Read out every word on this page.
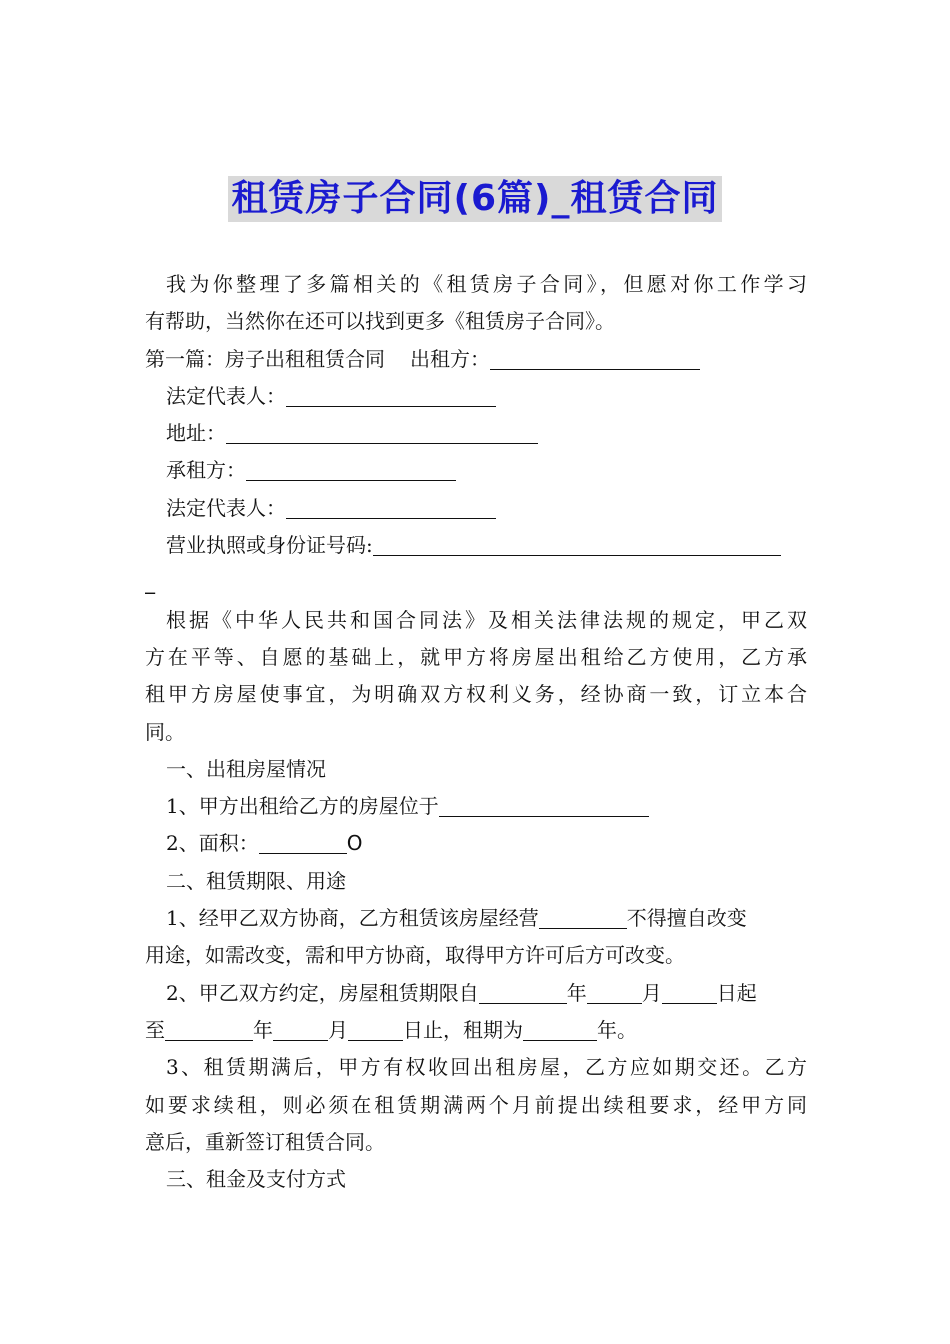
租赁房子合同(6篇)_租赁合同
我为你整理了多篇相关的《租赁房子合同》，但愿对你工作学习
有帮助，当然你在还可以找到更多《租赁房子合同》。
第一篇：房子出租租赁合同 出租方：
法定代表人：
地址：
承租方：
法定代表人：
营业执照或身份证号码:
_
根据《中华人民共和国合同法》及相关法律法规的规定，甲乙双
方在平等、自愿的基础上，就甲方将房屋出租给乙方使用，乙方承
租甲方房屋使事宜，为明确双方权利义务，经协商一致，订立本合
同。
一、出租房屋情况
1、甲方出租给乙方的房屋位于
2、面积：	O
二、租赁期限、用途
1、经甲乙双方协商，乙方租赁该房屋经营	不得擅自改变
用途，如需改变，需和甲方协商，取得甲方许可后方可改变。
2、甲乙双方约定，房屋租赁期限自	年	月	日起
至	年	月	日止，租期为	年。
3、租赁期满后，甲方有权收回出租房屋，乙方应如期交还。乙方
如要求续租，则必须在租赁期满两个月前提出续租要求，经甲方同
意后，重新签订租赁合同。
三、租金及支付方式
